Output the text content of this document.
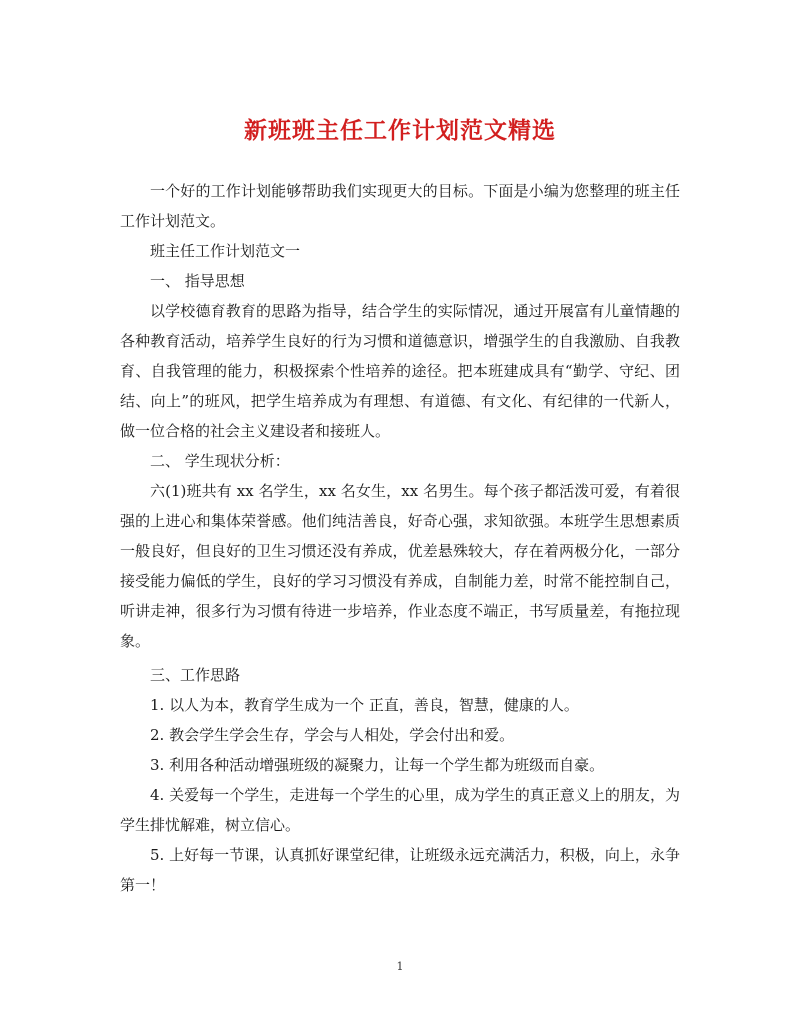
新班班主任工作计划范文精选

一个好的工作计划能够帮助我们实现更大的目标。下面是小编为您整理的班主任工作计划范文。

班主任工作计划范文一

一、 指导思想

以学校德育教育的思路为指导，结合学生的实际情况，通过开展富有儿童情趣的各种教育活动，培养学生良好的行为习惯和道德意识，增强学生的自我激励、自我教育、自我管理的能力，积极探索个性培养的途径。把本班建成具有“勤学、守纪、团结、向上”的班风，把学生培养成为有理想、有道德、有文化、有纪律的一代新人，做一位合格的社会主义建设者和接班人。

二、 学生现状分析：

六(1)班共有 xx 名学生，xx 名女生，xx 名男生。每个孩子都活泼可爱，有着很强的上进心和集体荣誉感。他们纯洁善良，好奇心强，求知欲强。本班学生思想素质一般良好，但良好的卫生习惯还没有养成，优差悬殊较大，存在着两极分化，一部分接受能力偏低的学生，良好的学习习惯没有养成，自制能力差，时常不能控制自己，听讲走神，很多行为习惯有待进一步培养，作业态度不端正，书写质量差，有拖拉现象。

三、工作思路

1. 以人为本，教育学生成为一个 正直，善良，智慧，健康的人。

2. 教会学生学会生存，学会与人相处，学会付出和爱。

3. 利用各种活动增强班级的凝聚力，让每一个学生都为班级而自豪。

4. 关爱每一个学生，走进每一个学生的心里，成为学生的真正意义上的朋友，为学生排忧解难，树立信心。

5. 上好每一节课，认真抓好课堂纪律，让班级永远充满活力，积极，向上，永争第一！

1
